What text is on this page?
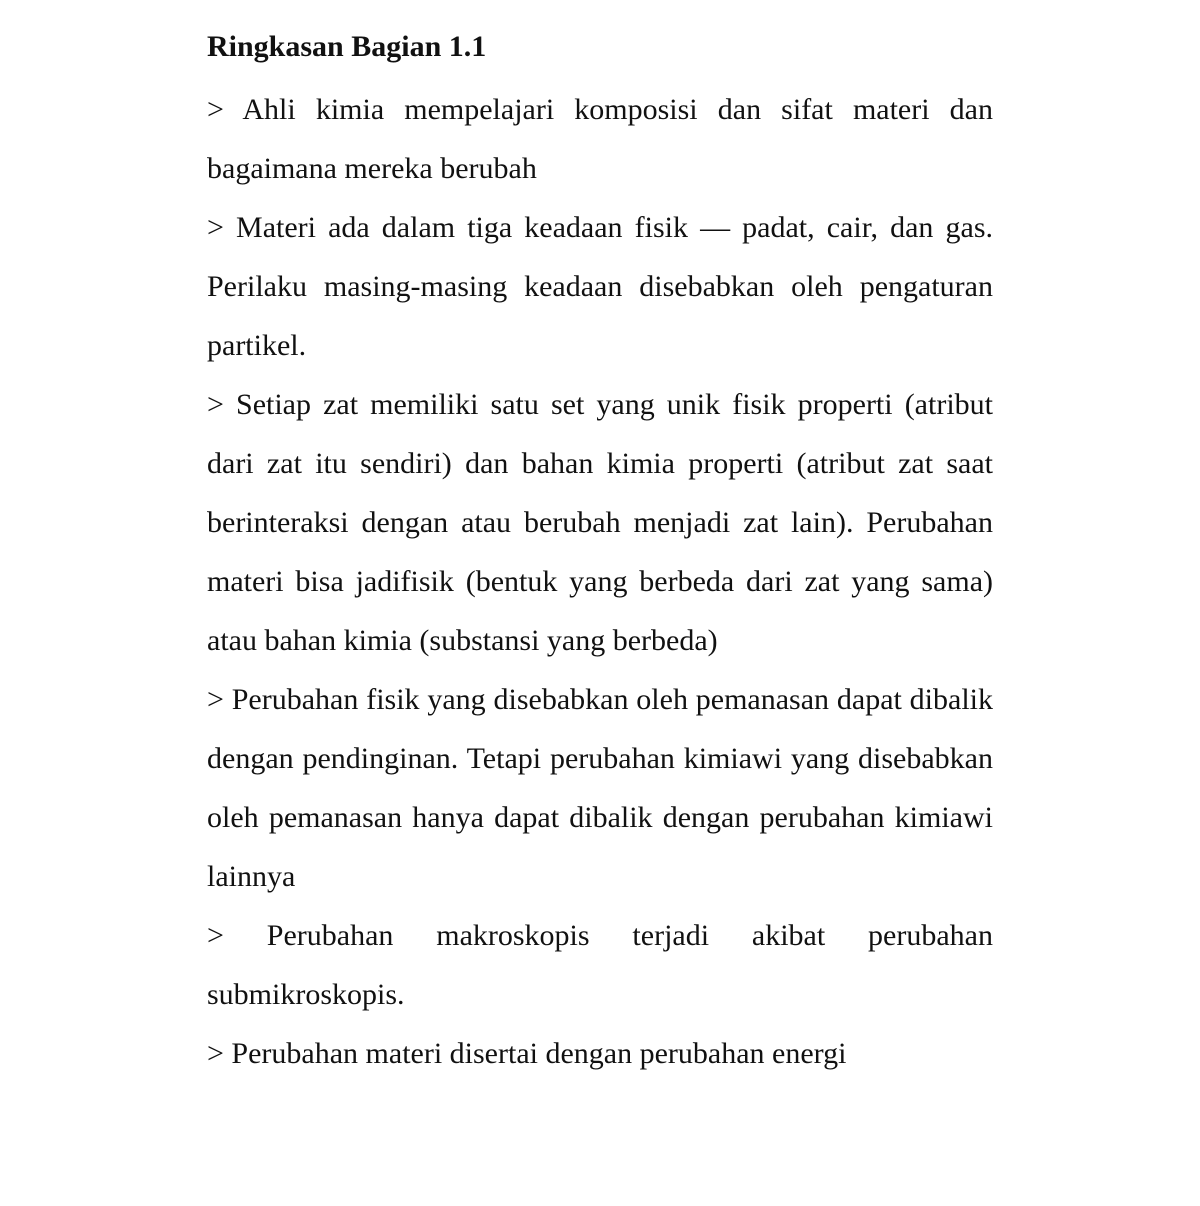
Ringkasan Bagian 1.1

> Ahli kimia mempelajari komposisi dan sifat materi dan bagaimana mereka berubah

> Materi ada dalam tiga keadaan fisik — padat, cair, dan gas. Perilaku masing-masing keadaan disebabkan oleh pengaturan partikel.

> Setiap zat memiliki satu set yang unik fisik properti (atribut dari zat itu sendiri) dan bahan kimia properti (atribut zat saat berinteraksi dengan atau berubah menjadi zat lain). Perubahan materi bisa jadifisik (bentuk yang berbeda dari zat yang sama) atau bahan kimia (substansi yang berbeda)

> Perubahan fisik yang disebabkan oleh pemanasan dapat dibalik dengan pendinginan. Tetapi perubahan kimiawi yang disebabkan oleh pemanasan hanya dapat dibalik dengan perubahan kimiawi lainnya

> Perubahan makroskopis terjadi akibat perubahan submikroskopis.

> Perubahan materi disertai dengan perubahan energi
